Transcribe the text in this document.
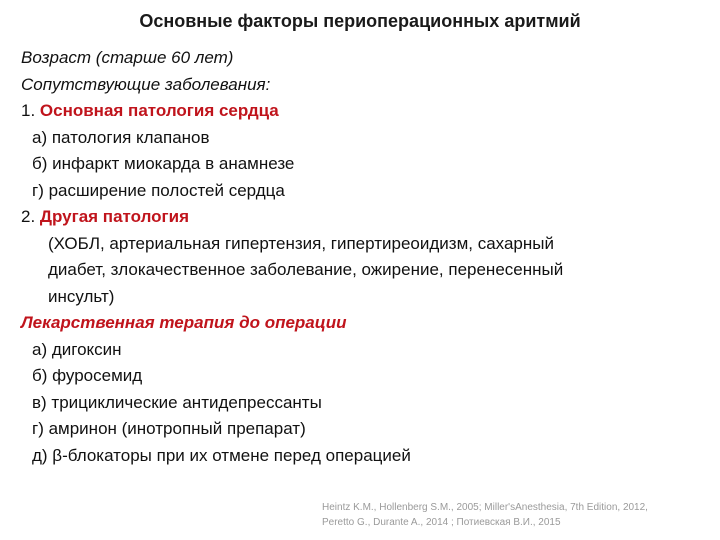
Основные факторы периоперационных аритмий
Возраст (старше 60 лет)
Сопутствующие заболевания:
1. Основная патология сердца
а) патология клапанов
б) инфаркт миокарда в анамнезе
г) расширение полостей сердца
2. Другая патология
(ХОБЛ, артериальная гипертензия, гипертиреоидизм, сахарный
диабет, злокачественное заболевание, ожирение, перенесенный
инсульт)
Лекарственная терапия до операции
а) дигоксин
б) фуросемид
в) трициклические антидепрессанты
г) амринон (инотропный препарат)
д) β-блокаторы при их отмене перед операцией
Heintz K.M., Hollenberg S.M., 2005; Miller'sAnesthesia, 7th Edition, 2012,
Peretto G., Durante A., 2014 ; Потиевская В.И., 2015
